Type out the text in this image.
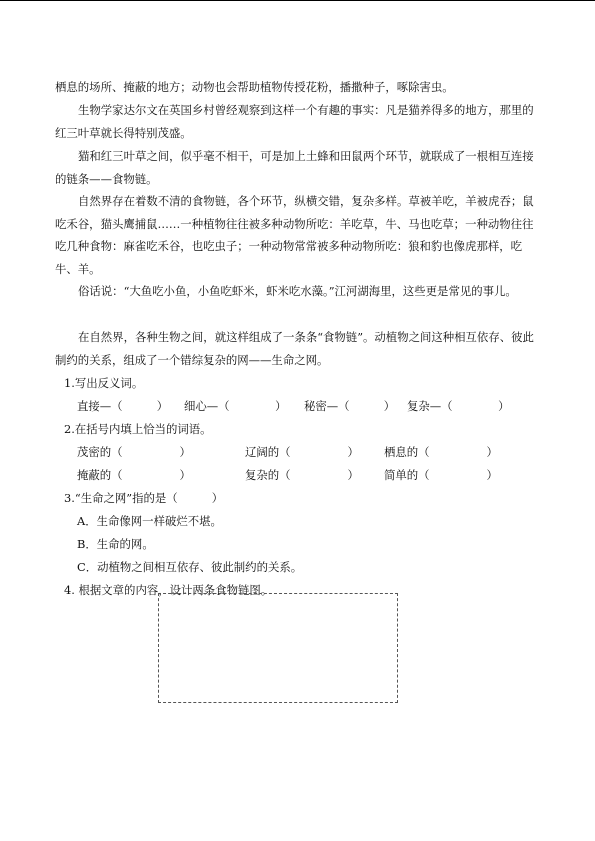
栖息的场所、掩蔽的地方；动物也会帮助植物传授花粉，播撒种子，啄除害虫。

生物学家达尔文在英国乡村曾经观察到这样一个有趣的事实：凡是猫养得多的地方，那里的红三叶草就长得特别茂盛。

猫和红三叶草之间，似乎毫不相干，可是加上土蜂和田鼠两个环节，就联成了一根相互连接的链条——食物链。

自然界存在着数不清的食物链，各个环节，纵横交错，复杂多样。草被羊吃，羊被虎吞；鼠吃禾谷，猫头鹰捕鼠……一种植物往往被多种动物所吃：羊吃草，牛、马也吃草；一种动物往往吃几种食物：麻雀吃禾谷，也吃虫子；一种动物常常被多种动物所吃：狼和豹也像虎那样，吃牛、羊。

俗话说：“大鱼吃小鱼，小鱼吃虾米，虾米吃水藻。”江河湖海里，这些更是常见的事儿。

在自然界，各种生物之间，就这样组成了一条条“食物链”。动植物之间这种相互依存、彼此制约的关系，组成了一个错综复杂的网——生命之网。

1.写出反义词。
直接—（　　　） 细心—（　　　　） 秘密—（　　　） 复杂—（　　　　）
2.在括号内填上恰当的词语。
茂密的（　　　　　）	辽阔的（　　　　　） 栖息的（　　　　　）
掩蔽的（　　　　　）	复杂的（　　　　　） 简单的（　　　　　）
3.“生命之网”指的是（　　　）
A．生命像网一样破烂不堪。
B．生命的网。
C．动植物之间相互依存、彼此制约的关系。
4. 根据文章的内容，设计两条食物链图。
